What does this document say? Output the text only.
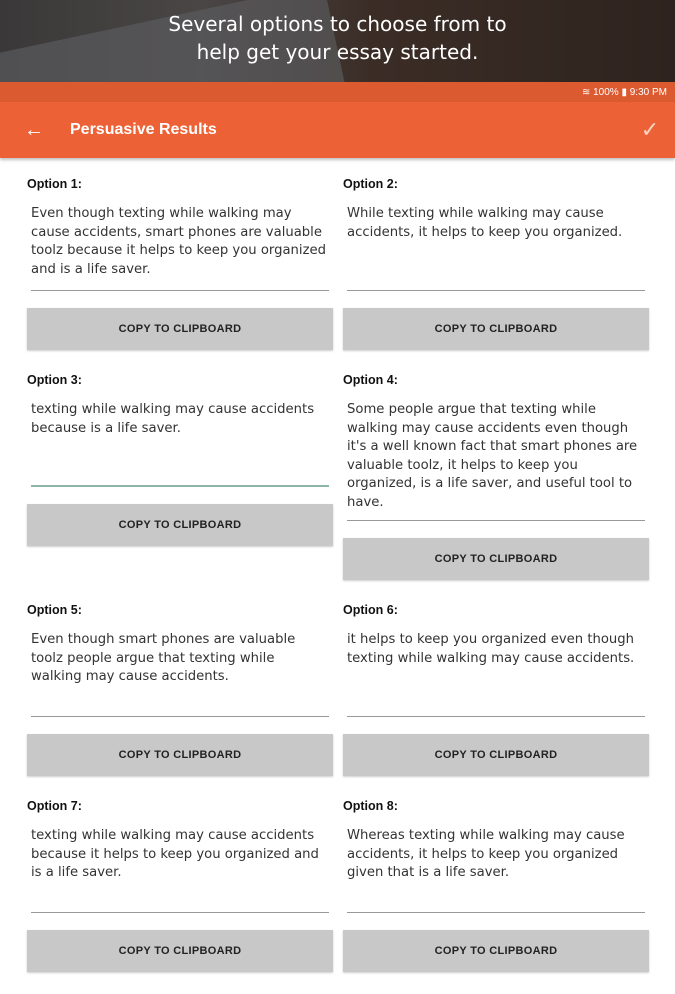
Several options to choose from to
help get your essay started.
≋ 100% ▮ 9:30 PM
←	Persuasive Results	✓
Option 1:
Even though texting while walking may cause accidents, smart phones are valuable toolz because it helps to keep you organized and is a life saver.
COPY TO CLIPBOARD
Option 2:
While texting while walking may cause accidents, it helps to keep you organized.
COPY TO CLIPBOARD
Option 3:
texting while walking may cause accidents because is a life saver.
COPY TO CLIPBOARD
Option 4:
Some people argue that texting while walking may cause accidents even though it's a well known fact that smart phones are valuable toolz, it helps to keep you organized, is a life saver, and useful tool to have.
COPY TO CLIPBOARD
Option 5:
Even though smart phones are valuable toolz people argue that texting while walking may cause accidents.
COPY TO CLIPBOARD
Option 6:
it helps to keep you organized even though texting while walking may cause accidents.
COPY TO CLIPBOARD
Option 7:
texting while walking may cause accidents because it helps to keep you organized and is a life saver.
COPY TO CLIPBOARD
Option 8:
Whereas texting while walking may cause accidents, it helps to keep you organized given that is a life saver.
COPY TO CLIPBOARD
